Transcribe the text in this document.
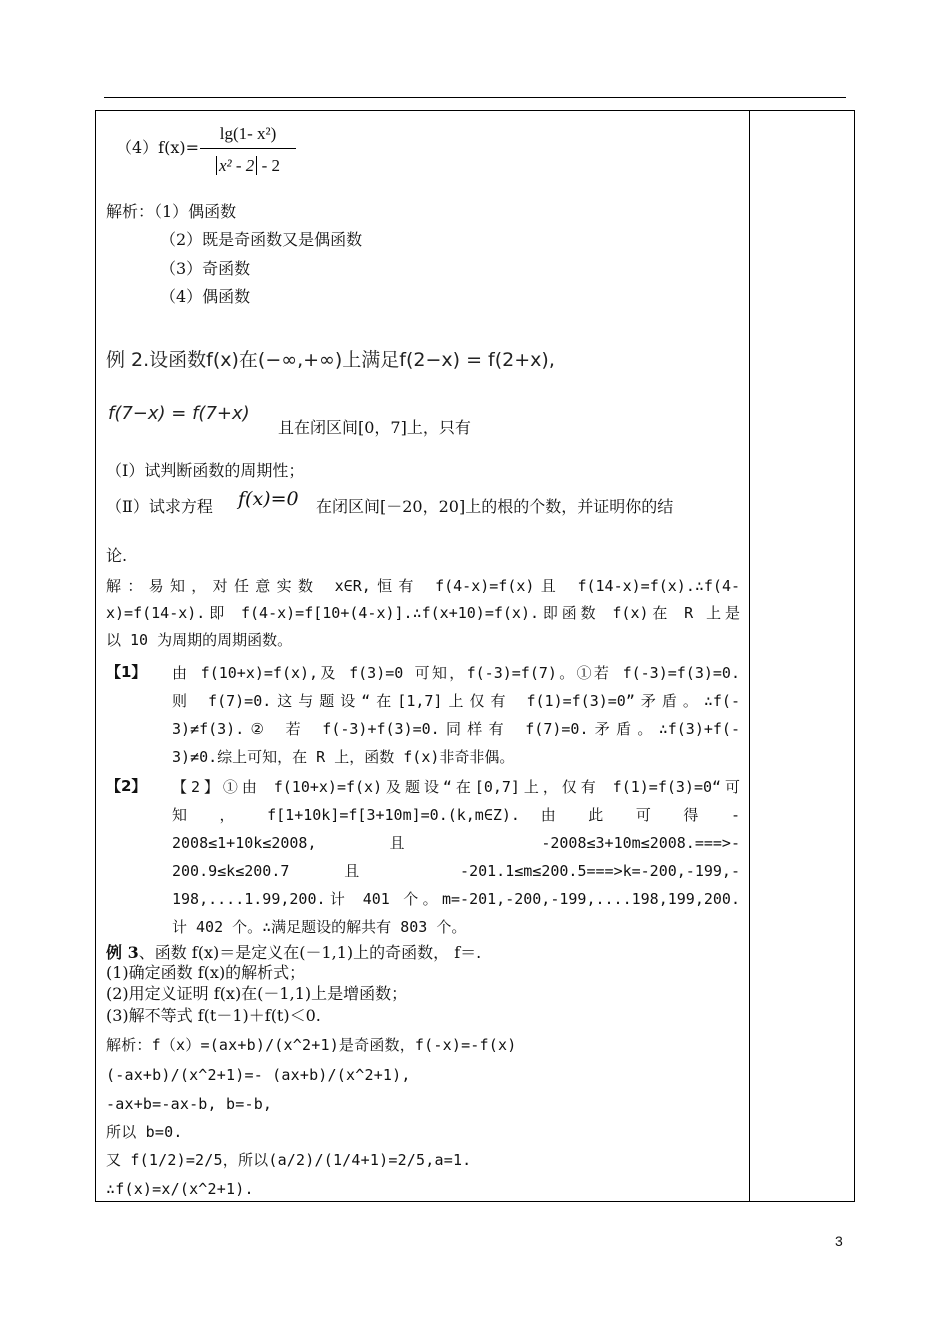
（4）f(x)=
lg(1- x²)
x² - 2 - 2
解析：（1）偶函数
（2）既是奇函数又是偶函数
（3）奇函数
（4）偶函数
例 2.设函数f(x)在(−∞,+∞)上满足f(2−x) = f(2+x),
f(7−x) = f(7+x)
且在闭区间[0，7]上，只有
（Ⅰ）试判断函数的周期性；
（Ⅱ）试求方程 f(x)=0 在闭区间[－20，20]上的根的个数，并证明你的结
论.
解：易知，对任意实数 x∈R,恒有 f(4-x)=f(x)且 f(14-x)=f(x).∴f(4-
x)=f(14-x).即 f(4-x)=f[10+(4-x)].∴f(x+10)=f(x).即函数 f(x)在 R 上是
以 10 为周期的周期函数。
【1】 由 f(10+x)=f(x),及 f(3)=0 可知，f(-3)=f(7)。①若 f(-3)=f(3)=0.
则 f(7)=0.这与题设“在[1,7]上仅有 f(1)=f(3)=0”矛盾。∴f(-
3)≠f(3).② 若 f(-3)+f(3)=0.同样有 f(7)=0.矛盾。∴f(3)+f(-
3)≠0.综上可知，在 R 上，函数 f(x)非奇非偶。
【2】 【2】①由 f(10+x)=f(x)及题设“在[0,7]上，仅有 f(1)=f(3)=0“可
知 ， f[1+10k]=f[3+10m]=0.(k,m∈Z). 由 此 可 得 -
2008≤1+10k≤2008, 且 -2008≤3+10m≤2008.===>-
200.9≤k≤200.7 且 -201.1≤m≤200.5===>k=-200,-199,-
198,....1.99,200.计 401 个。m=-201,-200,-199,....198,199,200.
计 402 个。∴满足题设的解共有 803 个。
例 3、函数 f(x)＝是定义在(－1,1)上的奇函数， f＝.
(1)确定函数 f(x)的解析式；
(2)用定义证明 f(x)在(－1,1)上是增函数；
(3)解不等式 f(t－1)＋f(t)＜0.
解析：f（x）=(ax+b)/(x^2+1)是奇函数，f(-x)=-f(x)
(-ax+b)/(x^2+1)=- (ax+b)/(x^2+1),
-ax+b=-ax-b, b=-b,
所以 b=0.
又 f(1/2)=2/5，所以(a/2)/(1/4+1)=2/5,a=1.
∴f(x)=x/(x^2+1).
3
